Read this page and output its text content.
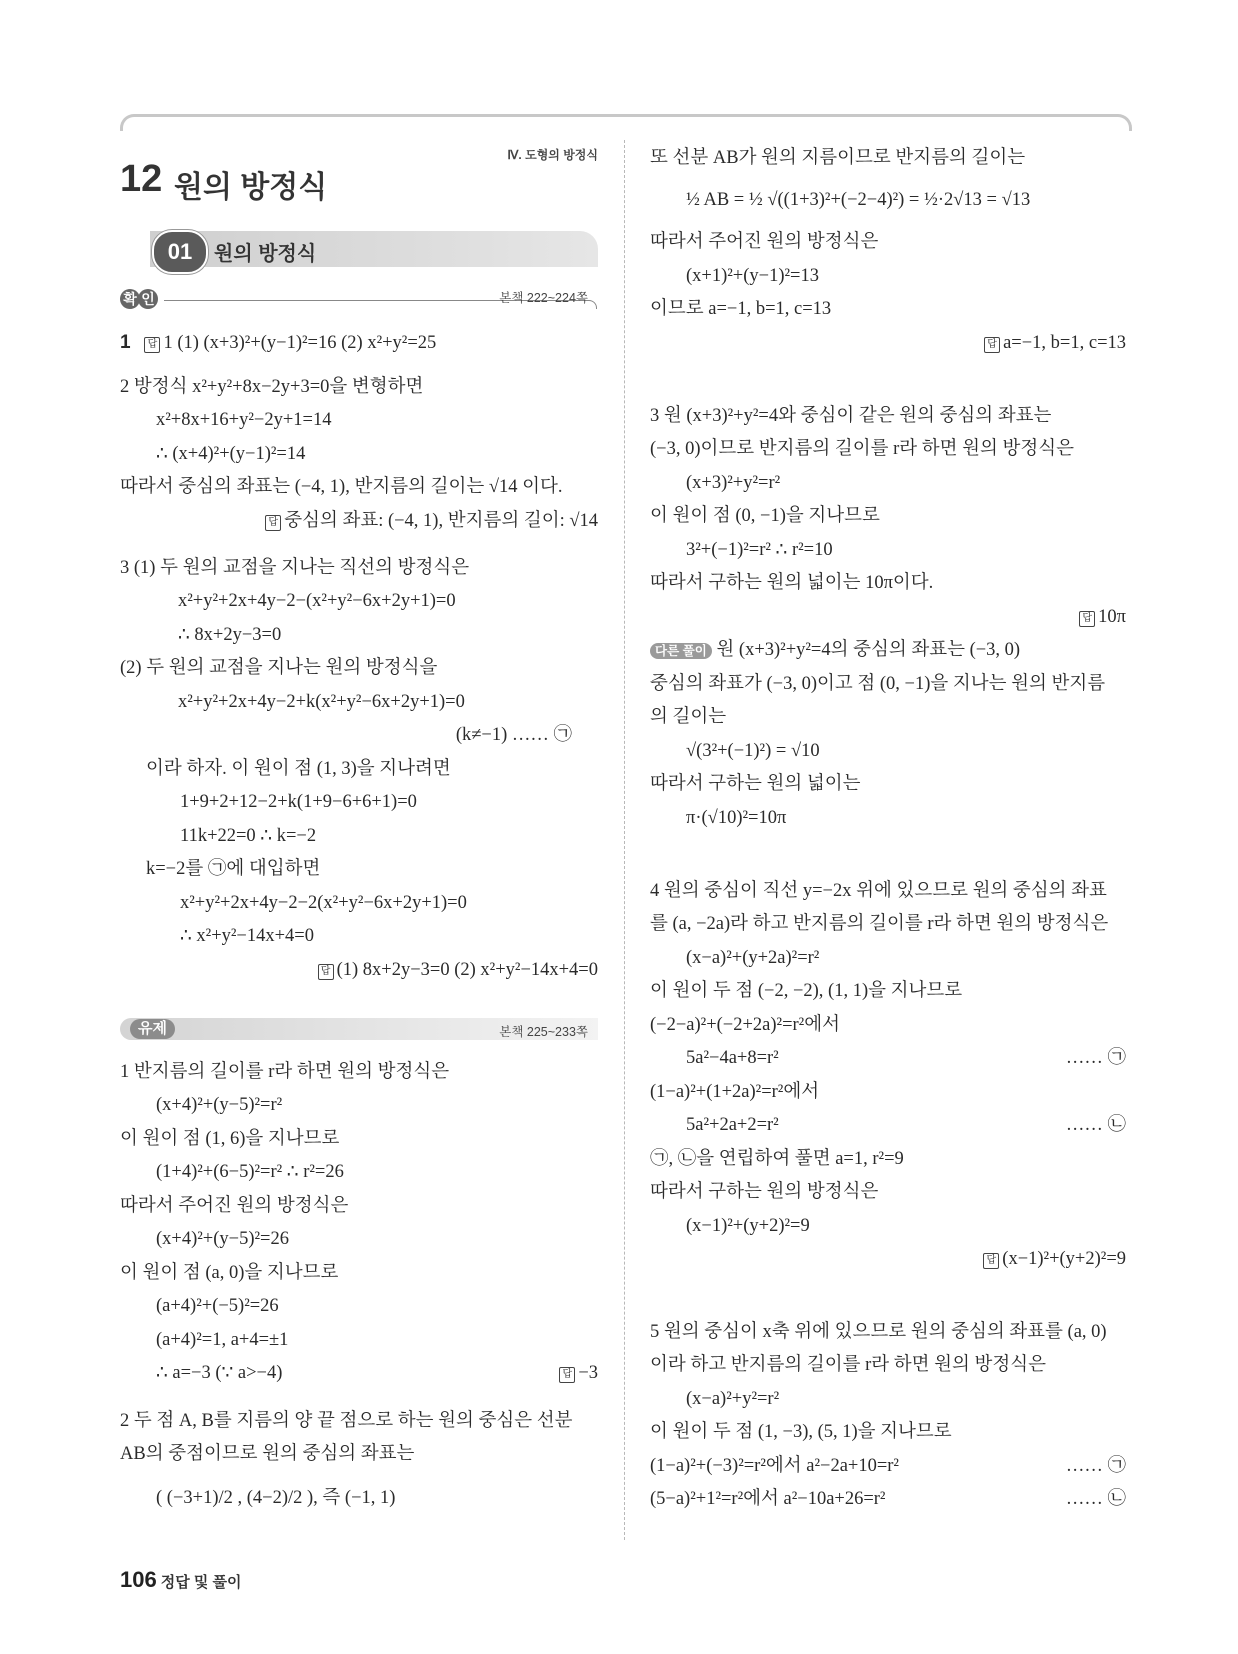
Ⅳ. 도형의 방정식
12 원의 방정식
01	원의 방정식
확 인	본책 222~224쪽
1 답 1 (1) (x+3)²+(y−1)²=16 (2) x²+y²=25
2 방정식 x²+y²+8x−2y+3=0을 변형하면
x²+8x+16+y²−2y+1=14
∴ (x+4)²+(y−1)²=14
따라서 중심의 좌표는 (−4, 1), 반지름의 길이는 √14 이다.
답 중심의 좌표: (−4, 1), 반지름의 길이: √14
3 (1) 두 원의 교점을 지나는 직선의 방정식은
x²+y²+2x+4y−2−(x²+y²−6x+2y+1)=0
∴ 8x+2y−3=0
(2) 두 원의 교점을 지나는 원의 방정식을
x²+y²+2x+4y−2+k(x²+y²−6x+2y+1)=0
(k≠−1) …… ㉠
이라 하자. 이 원이 점 (1, 3)을 지나려면
1+9+2+12−2+k(1+9−6+6+1)=0
11k+22=0 ∴ k=−2
k=−2를 ㉠에 대입하면
x²+y²+2x+4y−2−2(x²+y²−6x+2y+1)=0
∴ x²+y²−14x+4=0
답 (1) 8x+2y−3=0 (2) x²+y²−14x+4=0
유제	본책 225~233쪽
1 반지름의 길이를 r라 하면 원의 방정식은
(x+4)²+(y−5)²=r²
이 원이 점 (1, 6)을 지나므로
(1+4)²+(6−5)²=r² ∴ r²=26
따라서 주어진 원의 방정식은
(x+4)²+(y−5)²=26
이 원이 점 (a, 0)을 지나므로
(a+4)²+(−5)²=26
(a+4)²=1, a+4=±1
∴ a=−3 (∵ a>−4)	답 −3
2 두 점 A, B를 지름의 양 끝 점으로 하는 원의 중심은 선분
AB의 중점이므로 원의 중심의 좌표는
( (−3+1)/2 , (4−2)/2 ), 즉 (−1, 1)
또 선분 AB가 원의 지름이므로 반지름의 길이는
½ AB = ½ √((1+3)²+(−2−4)²) = ½·2√13 = √13
따라서 주어진 원의 방정식은
(x+1)²+(y−1)²=13
이므로 a=−1, b=1, c=13
답 a=−1, b=1, c=13
3 원 (x+3)²+y²=4와 중심이 같은 원의 중심의 좌표는
(−3, 0)이므로 반지름의 길이를 r라 하면 원의 방정식은
(x+3)²+y²=r²
이 원이 점 (0, −1)을 지나므로
3²+(−1)²=r² ∴ r²=10
따라서 구하는 원의 넓이는 10π이다.
답 10π
다른 풀이 원 (x+3)²+y²=4의 중심의 좌표는 (−3, 0)
중심의 좌표가 (−3, 0)이고 점 (0, −1)을 지나는 원의 반지름
의 길이는
√(3²+(−1)²) = √10
따라서 구하는 원의 넓이는
π·(√10)²=10π
4 원의 중심이 직선 y=−2x 위에 있으므로 원의 중심의 좌표
를 (a, −2a)라 하고 반지름의 길이를 r라 하면 원의 방정식은
(x−a)²+(y+2a)²=r²
이 원이 두 점 (−2, −2), (1, 1)을 지나므로
(−2−a)²+(−2+2a)²=r²에서
5a²−4a+8=r²	…… ㉠
(1−a)²+(1+2a)²=r²에서
5a²+2a+2=r²	…… ㉡
㉠, ㉡을 연립하여 풀면 a=1, r²=9
따라서 구하는 원의 방정식은
(x−1)²+(y+2)²=9
답 (x−1)²+(y+2)²=9
5 원의 중심이 x축 위에 있으므로 원의 중심의 좌표를 (a, 0)
이라 하고 반지름의 길이를 r라 하면 원의 방정식은
(x−a)²+y²=r²
이 원이 두 점 (1, −3), (5, 1)을 지나므로
(1−a)²+(−3)²=r²에서 a²−2a+10=r²	…… ㉠
(5−a)²+1²=r²에서 a²−10a+26=r²	…… ㉡
106 정답 및 풀이
